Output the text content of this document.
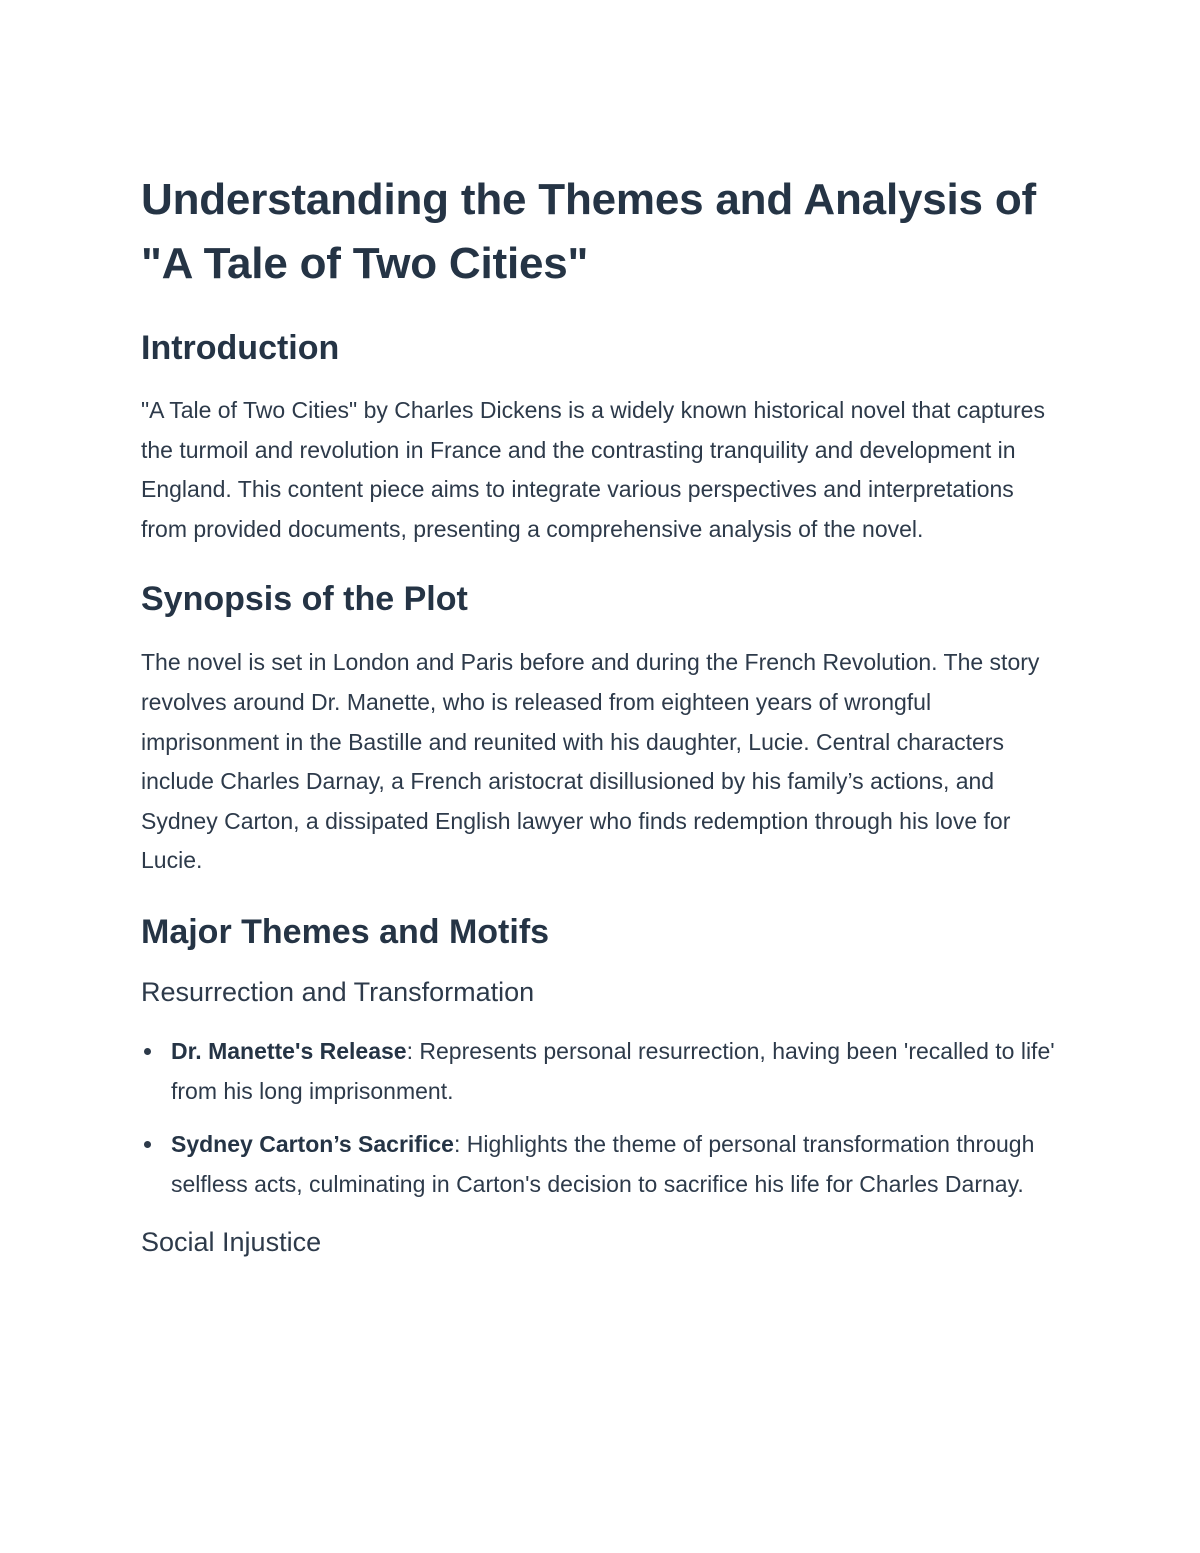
Understanding the Themes and Analysis of "A Tale of Two Cities"
Introduction

"A Tale of Two Cities" by Charles Dickens is a widely known historical novel that captures the turmoil and revolution in France and the contrasting tranquility and development in England. This content piece aims to integrate various perspectives and interpretations from provided documents, presenting a comprehensive analysis of the novel.

Synopsis of the Plot

The novel is set in London and Paris before and during the French Revolution. The story revolves around Dr. Manette, who is released from eighteen years of wrongful imprisonment in the Bastille and reunited with his daughter, Lucie. Central characters include Charles Darnay, a French aristocrat disillusioned by his family’s actions, and Sydney Carton, a dissipated English lawyer who finds redemption through his love for Lucie.

Major Themes and Motifs
Resurrection and Transformation
Dr. Manette's Release: Represents personal resurrection, having been 'recalled to life' from his long imprisonment.
Sydney Carton’s Sacrifice: Highlights the theme of personal transformation through selfless acts, culminating in Carton's decision to sacrifice his life for Charles Darnay.
Social Injustice
